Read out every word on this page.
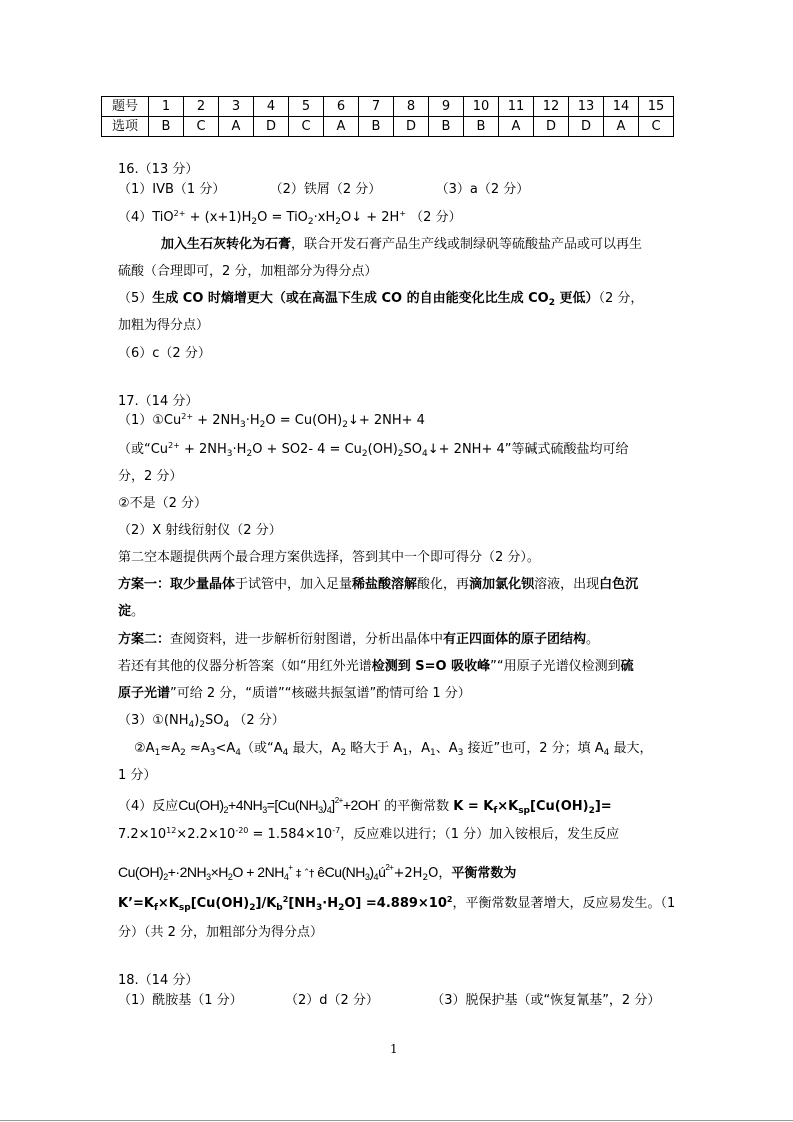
题号	1	2	3	4	5	6	7	8	9	10	11	12	13	14	15
选项	B	C	A	D	C	A	B	D	B	B	A	D	D	A	C
16.（13 分）
（1）IVB（1 分）	（2）铁屑（2 分）	（3）a（2 分）
$(4)TiO^{2+} + (x+1)H_2O$ = $TiO_2\cdot xH_2O↓ + 2H^+$ （2 分）
加入生石灰转化为石膏，联合开发石膏产品生产线或制绿矾等硫酸盐产品或可以再生
硫酸（合理即可，2 分，加粗部分为得分点）
（5）生成 CO 时熵增更大（或在高温下生成 CO 的自由能变化比生成 $CO_2$ 更低）（2 分，
加粗为得分点）
（6）c（2 分）
17.（14 分）
$(1)①Cu^{2+} + 2NH_3\cdot H_2O$ = $Cu(OH)_2↓+ 2NH+ 4$
（或“$Cu^{2+} + 2NH_3\cdot H_2O + SO2-$ $4 = Cu_2(OH)_2SO_4↓+ 2NH+ 4$”等碱式硫酸盐均可给
分，2 分）
②不是（2 分）
（2）X 射线衍射仪（2 分）
第二空本题提供两个最合理方案供选择，答到其中一个即可得分（2 分）。
方案一：取少量晶体于试管中，加入足量稀盐酸溶解酸化，再滴加氯化钡溶液，出现白色沉
淀。
方案二：查阅资料，进一步解析衍射图谱，分析出晶体中有正四面体的原子团结构。
若还有其他的仪器分析答案（如“用红外光谱检测到 S=O 吸收峰”“用原子光谱仪检测到硫
原子光谱”可给 2 分，“质谱”“核磁共振氢谱”酌情可给 1 分）
$(3)①(NH_4)_2SO_4$ （2 分）
$②A_1\approx A_2 \approx A_3<A_4$（或“$A_4$ 最大，$A_2$ 略大于 $A_1$，$A_1$、$A_3$ 接近”也可，2 分；填 $A_4$ 最大，
1 分）
（4）反应$Cu(OH)_2+4NH_3=[Cu(NH_3)_4]^{2+}+2OH^-$ 的平衡常数 $K = K_f\times K_{sp}[Cu(OH)_2]=$
$7.2\times 10^{12}\times 2.2\times 10^{-20} = 1.584\times 10^{-7}$，反应难以进行；（1 分）加入铵根后，发生反应
$Cu(OH)_2+\cdot 2NH_3\times H_2O + 2NH_4^+$ ‡ ˆ† $êCu(NH_3)_4ú^{2+}+2H_2O$，平衡常数为
$K’=K_f\times K_{sp}[Cu(OH)_2]/K_b^2[NH_3\cdot H_2O] =4.889\times 10^2$，平衡常数显著增大，反应易发生。（1
分）（共 2 分，加粗部分为得分点）
18.（14 分）
（1）酰胺基（1 分）	（2）d（2 分）	（3）脱保护基（或“恢复氰基”，2 分）
1
